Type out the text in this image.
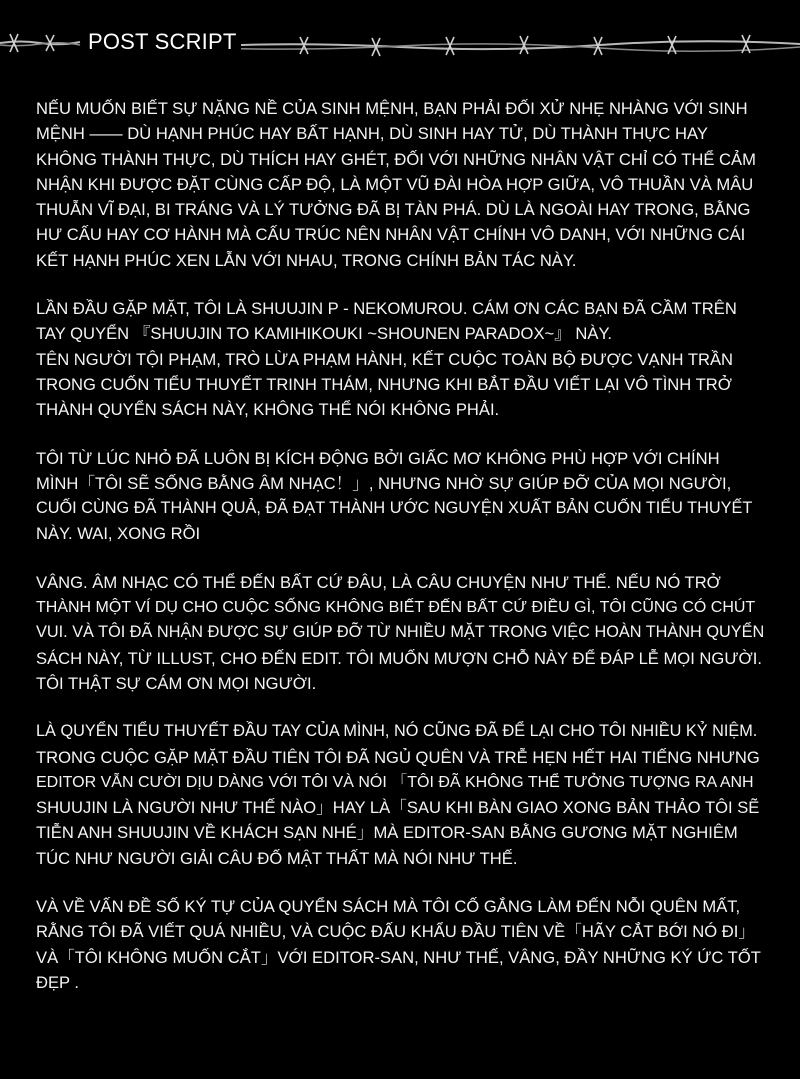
POST SCRIPT

NẾU MUỐN BIẾT SỰ NẶNG NỀ CỦA SINH MỆNH, BẠN PHẢI ĐỐI XỬ NHẸ NHÀNG VỚI SINH
MỆNH —— DÙ HẠNH PHÚC HAY BẤT HẠNH, DÙ SINH HAY TỬ, DÙ THÀNH THỰC HAY
KHÔNG THÀNH THỰC, DÙ THÍCH HAY GHÉT, ĐỐI VỚI NHỮNG NHÂN VẬT CHỈ CÓ THỂ CẢM
NHẬN KHI ĐƯỢC ĐẶT CÙNG CẤP ĐỘ, LÀ MỘT VŨ ĐÀI HÒA HỢP GIỮA, VÔ THUẦN VÀ MÂU
THUẪN VĨ ĐẠI, BI TRÁNG VÀ LÝ TƯỞNG ĐÃ BỊ TÀN PHÁ. DÙ LÀ NGOÀI HAY TRONG, BẰNG
HƯ CẤU HAY CƠ HÀNH MÀ CẤU TRÚC NÊN NHÂN VẬT CHÍNH VÔ DANH, VỚI NHỮNG CÁI
KẾT HẠNH PHÚC XEN LẪN VỚI NHAU, TRONG CHÍNH BẢN TÁC NÀY.

LẦN ĐẦU GẶP MẶT, TÔI LÀ SHUUJIN P - NEKOMUROU. CÁM ƠN CÁC BẠN ĐÃ CẦM TRÊN
TAY QUYỂN 『SHUUJIN TO KAMIHIKOUKI ~SHOUNEN PARADOX~』 NÀY.
TÊN NGƯỜI TỘI PHẠM, TRÒ LỪA PHẠM HÀNH, KẾT CUỘC TOÀN BỘ ĐƯỢC VẠNH TRẦN
TRONG CUỐN TIỂU THUYẾT TRINH THÁM, NHƯNG KHI BẮT ĐẦU VIẾT LẠI VÔ TÌNH TRỞ
THÀNH QUYỂN SÁCH NÀY, KHÔNG THỂ NÓI KHÔNG PHẢI.

TÔI TỪ LÚC NHỎ ĐÃ LUÔN BỊ KÍCH ĐỘNG BỞI GIẤC MƠ KHÔNG PHÙ HỢP VỚI CHÍNH
MÌNH「TÔI SẼ SỐNG BẰNG ÂM NHẠC！」, NHƯNG NHỜ SỰ GIÚP ĐỠ CỦA MỌI NGƯỜI,
CUỐI CÙNG ĐÃ THÀNH QUẢ, ĐÃ ĐẠT THÀNH ƯỚC NGUYỆN XUẤT BẢN CUỐN TIỂU THUYẾT
NÀY. WAI, XONG RỒI

VÂNG. ÂM NHẠC CÓ THỂ ĐẾN BẤT CỨ ĐÂU, LÀ CÂU CHUYỆN NHƯ THẾ. NẾU NÓ TRỞ
THÀNH MỘT VÍ DỤ CHO CUỘC SỐNG KHÔNG BIẾT ĐẾN BẤT CỨ ĐIỀU GÌ, TÔI CŨNG CÓ CHÚT
VUI. VÀ TÔI ĐÃ NHẬN ĐƯỢC SỰ GIÚP ĐỠ TỪ NHIỀU MẶT TRONG VIỆC HOÀN THÀNH QUYỂN
SÁCH NÀY, TỪ ILLUST, CHO ĐẾN EDIT. TÔI MUỐN MƯỢN CHỖ NÀY ĐỂ ĐÁP LỄ MỌI NGƯỜI.
TÔI THẬT SỰ CÁM ƠN MỌI NGƯỜI.

LÀ QUYỂN TIỂU THUYẾT ĐẦU TAY CỦA MÌNH, NÓ CŨNG ĐÃ ĐỂ LẠI CHO TÔI NHIỀU KỶ NIỆM.
TRONG CUỘC GẶP MẶT ĐẦU TIÊN TÔI ĐÃ NGỦ QUÊN VÀ TRỄ HẸN HẾT HAI TIẾNG NHƯNG
EDITOR VẪN CƯỜI DỊU DÀNG VỚI TÔI VÀ NÓI 「TÔI ĐÃ KHÔNG THỂ TƯỞNG TƯỢNG RA ANH
SHUUJIN LÀ NGƯỜI NHƯ THẾ NÀO」HAY LÀ「SAU KHI BÀN GIAO XONG BẢN THẢO TÔI SẼ
TIỄN ANH SHUUJIN VỀ KHÁCH SẠN NHÉ」MÀ EDITOR-SAN BẰNG GƯƠNG MẶT NGHIÊM
TÚC NHƯ NGƯỜI GIẢI CÂU ĐỐ MẬT THẤT MÀ NÓI NHƯ THẾ.

VÀ VỀ VẤN ĐỀ SỐ KÝ TỰ CỦA QUYỂN SÁCH MÀ TÔI CỐ GẮNG LÀM ĐẾN NỖI QUÊN MẤT,
RẰNG TÔI ĐÃ VIẾT QUÁ NHIỀU, VÀ CUỘC ĐẤU KHẨU ĐẦU TIÊN VỀ「HÃY CẮT BỚI NÓ ĐI」
VÀ「TÔI KHÔNG MUỐN CẮT」VỚI EDITOR-SAN, NHƯ THẾ, VÂNG, ĐẦY NHỮNG KÝ ỨC TỐT
ĐẸP .
